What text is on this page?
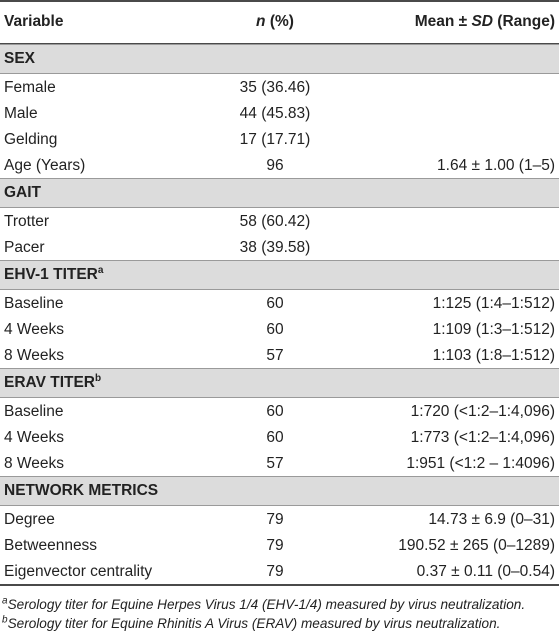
Variable	n (%)	Mean ± SD (Range)
SEX
Female	35 (36.46)
Male	44 (45.83)
Gelding	17 (17.71)
Age (Years)	96	1.64 ± 1.00 (1–5)
GAIT
Trotter	58 (60.42)
Pacer	38 (39.58)
EHV-1 TITER$^a$
Baseline	60	1:125 (1:4–1:512)
4 Weeks	60	1:109 (1:3–1:512)
8 Weeks	57	1:103 (1:8–1:512)
ERAV TITER$^b$
Baseline	60	1:720 (<1:2–1:4,096)
4 Weeks	60	1:773 (<1:2–1:4,096)
8 Weeks	57	1:951 (<1:2 – 1:4096)
NETWORK METRICS
Degree	79	14.73 ± 6.9 (0–31)
Betweenness	79	190.52 ± 265 (0–1289)
Eigenvector centrality	79	0.37 ± 0.11 (0–0.54)
$^a$Serology titer for Equine Herpes Virus 1/4 (EHV-1/4) measured by virus neutralization.
$^b$Serology titer for Equine Rhinitis A Virus (ERAV) measured by virus neutralization.
